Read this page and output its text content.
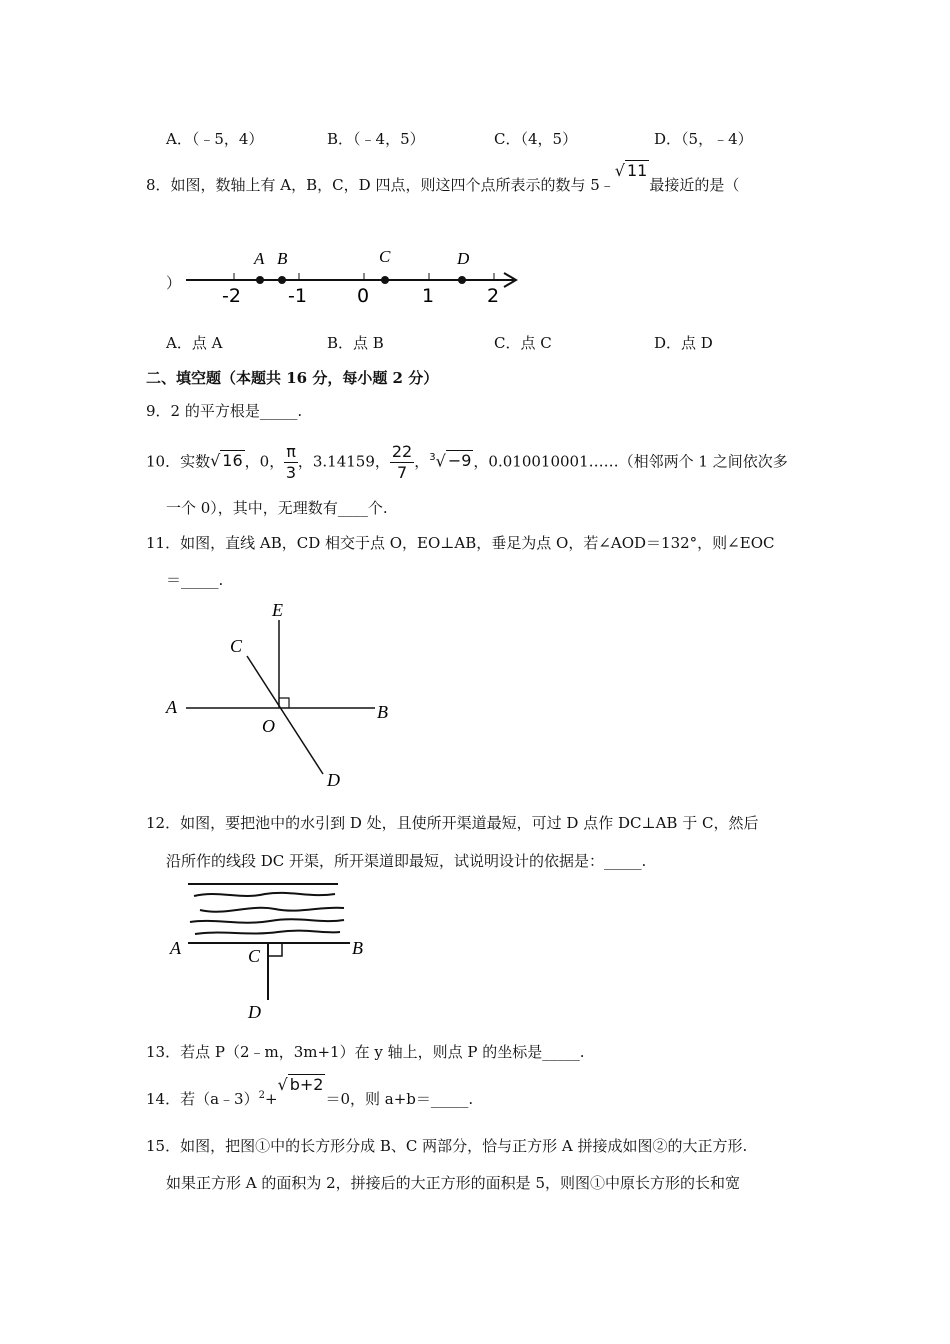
A．（﹣5，4）	B．（﹣4，5）	C．（4，5）	D．（5，﹣4）
8．如图，数轴上有 A，B，C，D 四点，则这四个点所表示的数与 5﹣√ 11最接近的是（
）
A B	C	D
-2 -1	0	1	2
A．点 A	B．点 B	C．点 C	D．点 D
二、填空题（本题共 16 分，每小题 2 分）
9．2 的平方根是_____.
10．实数√ 16 ，0， $\frac{\pi}{3}$ ，3.14159， $\frac{22}{7}$ ，$^3$√ −9 ，0.010010001……（相邻两个 1 之间依次多
一个 0），其中，无理数有____个.
11．如图，直线 AB，CD 相交于点 O，EO⊥AB，垂足为点 O，若∠AOD＝132°，则∠EOC
＝_____.
E
C
A
O
B
D
12．如图，要把池中的水引到 D 处，且使所开渠道最短，可过 D 点作 DC⊥AB 于 C，然后
沿所作的线段 DC 开渠，所开渠道即最短，试说明设计的依据是：_____.
A	C	B
D
13．若点 P（2﹣m，3m+1）在 y 轴上，则点 P 的坐标是_____.
14．若（a﹣3）$^2$+√ b+2＝0，则 a+b＝_____.
15．如图，把图①中的长方形分成 B、C 两部分，恰与正方形 A 拼接成如图②的大正方形.
如果正方形 A 的面积为 2，拼接后的大正方形的面积是 5，则图①中原长方形的长和宽
